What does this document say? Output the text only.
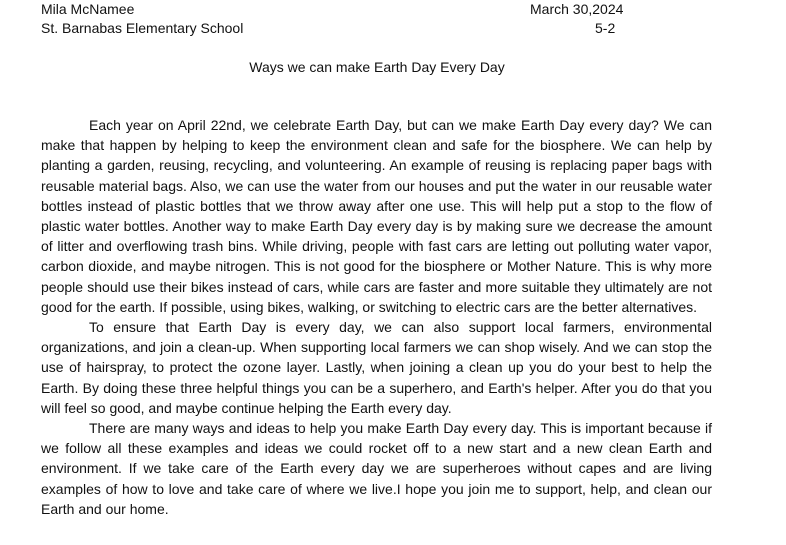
Mila McNamee	March 30,2024
St. Barnabas Elementary School	5-2
Ways we can make Earth Day Every Day

Each year on April 22nd, we celebrate Earth Day, but can we make Earth Day every day? We can make that happen by helping to keep the environment clean and safe for the biosphere. We can help by planting a garden, reusing, recycling, and volunteering. An example of reusing is replacing paper bags with reusable material bags. Also, we can use the water from our houses and put the water in our reusable water bottles instead of plastic bottles that we throw away after one use. This will help put a stop to the flow of plastic water bottles. Another way to make Earth Day every day is by making sure we decrease the amount of litter and overflowing trash bins. While driving, people with fast cars are letting out polluting water vapor, carbon dioxide, and maybe nitrogen. This is not good for the biosphere or Mother Nature. This is why more people should use their bikes instead of cars, while cars are faster and more suitable they ultimately are not good for the earth. If possible, using bikes, walking, or switching to electric cars are the better alternatives.

To ensure that Earth Day is every day, we can also support local farmers, environmental organizations, and join a clean-up. When supporting local farmers we can shop wisely. And we can stop the use of hairspray, to protect the ozone layer. Lastly, when joining a clean up you do your best to help the Earth. By doing these three helpful things you can be a superhero, and Earth's helper. After you do that you will feel so good, and maybe continue helping the Earth every day.

There are many ways and ideas to help you make Earth Day every day. This is important because if we follow all these examples and ideas we could rocket off to a new start and a new clean Earth and environment. If we take care of the Earth every day we are superheroes without capes and are living examples of how to love and take care of where we live.I hope you join me to support, help, and clean our Earth and our home.
